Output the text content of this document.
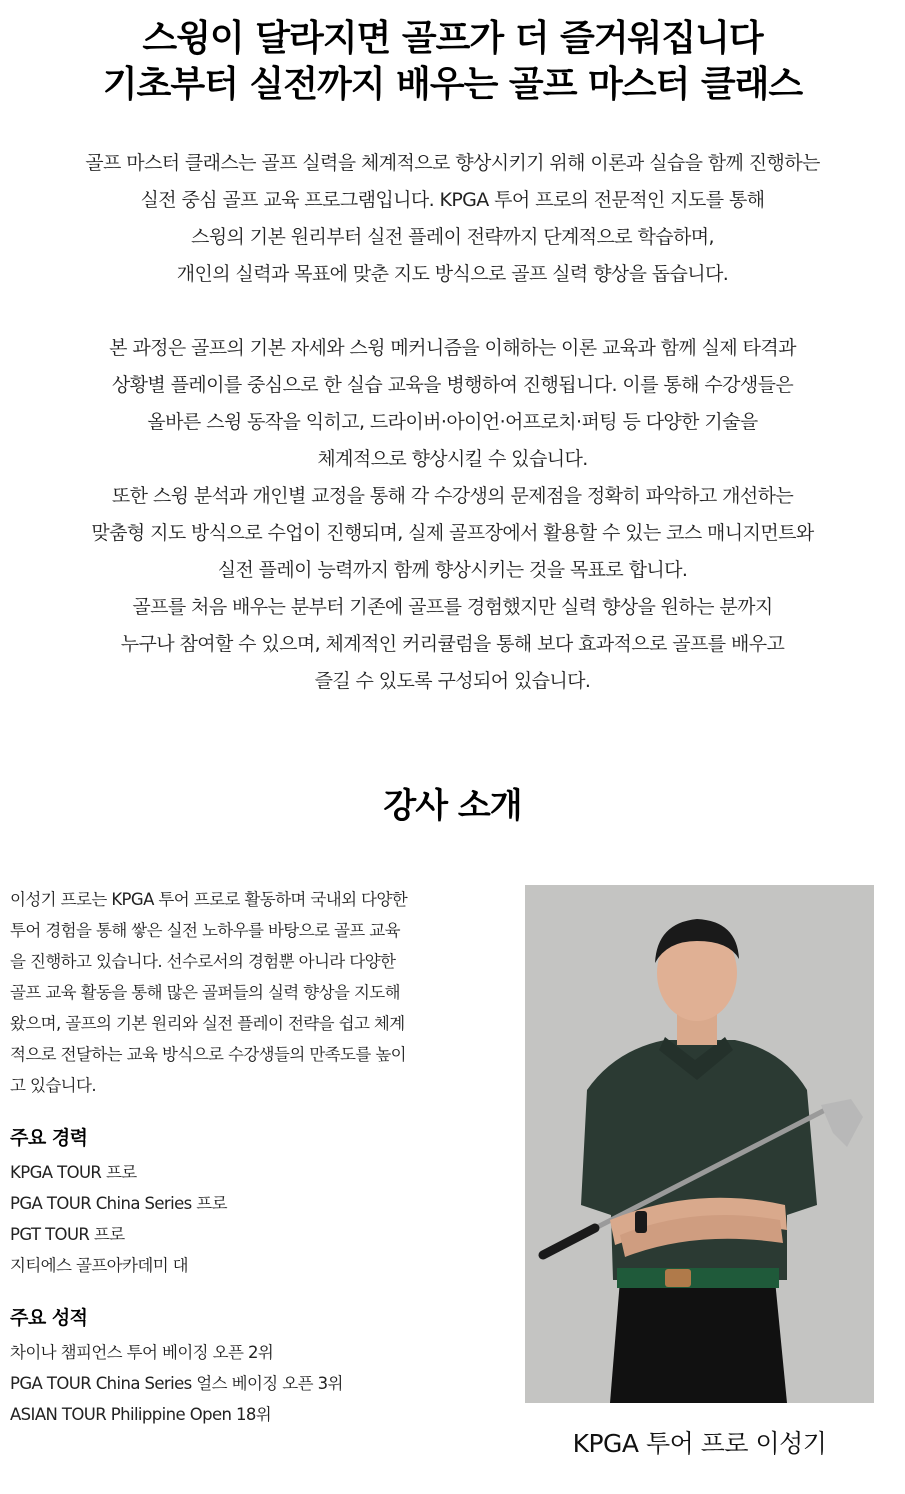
스윙이 달라지면 골프가 더 즐거워집니다
기초부터 실전까지 배우는 골프 마스터 클래스

골프 마스터 클래스는 골프 실력을 체계적으로 향상시키기 위해 이론과 실습을 함께 진행하는

실전 중심 골프 교육 프로그램입니다. KPGA 투어 프로의 전문적인 지도를 통해

스윙의 기본 원리부터 실전 플레이 전략까지 단계적으로 학습하며,

개인의 실력과 목표에 맞춘 지도 방식으로 골프 실력 향상을 돕습니다.

본 과정은 골프의 기본 자세와 스윙 메커니즘을 이해하는 이론 교육과 함께 실제 타격과

상황별 플레이를 중심으로 한 실습 교육을 병행하여 진행됩니다. 이를 통해 수강생들은

올바른 스윙 동작을 익히고, 드라이버·아이언·어프로치·퍼팅 등 다양한 기술을

체계적으로 향상시킬 수 있습니다.

또한 스윙 분석과 개인별 교정을 통해 각 수강생의 문제점을 정확히 파악하고 개선하는

맞춤형 지도 방식으로 수업이 진행되며, 실제 골프장에서 활용할 수 있는 코스 매니지먼트와

실전 플레이 능력까지 함께 향상시키는 것을 목표로 합니다.

골프를 처음 배우는 분부터 기존에 골프를 경험했지만 실력 향상을 원하는 분까지

누구나 참여할 수 있으며, 체계적인 커리큘럼을 통해 보다 효과적으로 골프를 배우고

즐길 수 있도록 구성되어 있습니다.

강사 소개

이성기 프로는 KPGA 투어 프로로 활동하며 국내외 다양한

투어 경험을 통해 쌓은 실전 노하우를 바탕으로 골프 교육

을 진행하고 있습니다. 선수로서의 경험뿐 아니라 다양한

골프 교육 활동을 통해 많은 골퍼들의 실력 향상을 지도해

왔으며, 골프의 기본 원리와 실전 플레이 전략을 쉽고 체계

적으로 전달하는 교육 방식으로 수강생들의 만족도를 높이

고 있습니다.

주요 경력
KPGA TOUR 프로
PGA TOUR China Series 프로
PGT TOUR 프로
지티에스 골프아카데미 대
주요 성적
차이나 챔피언스 투어 베이징 오픈 2위
PGA TOUR China Series 얼스 베이징 오픈 3위
ASIAN TOUR Philippine Open 18위

KPGA 투어 프로 이성기
